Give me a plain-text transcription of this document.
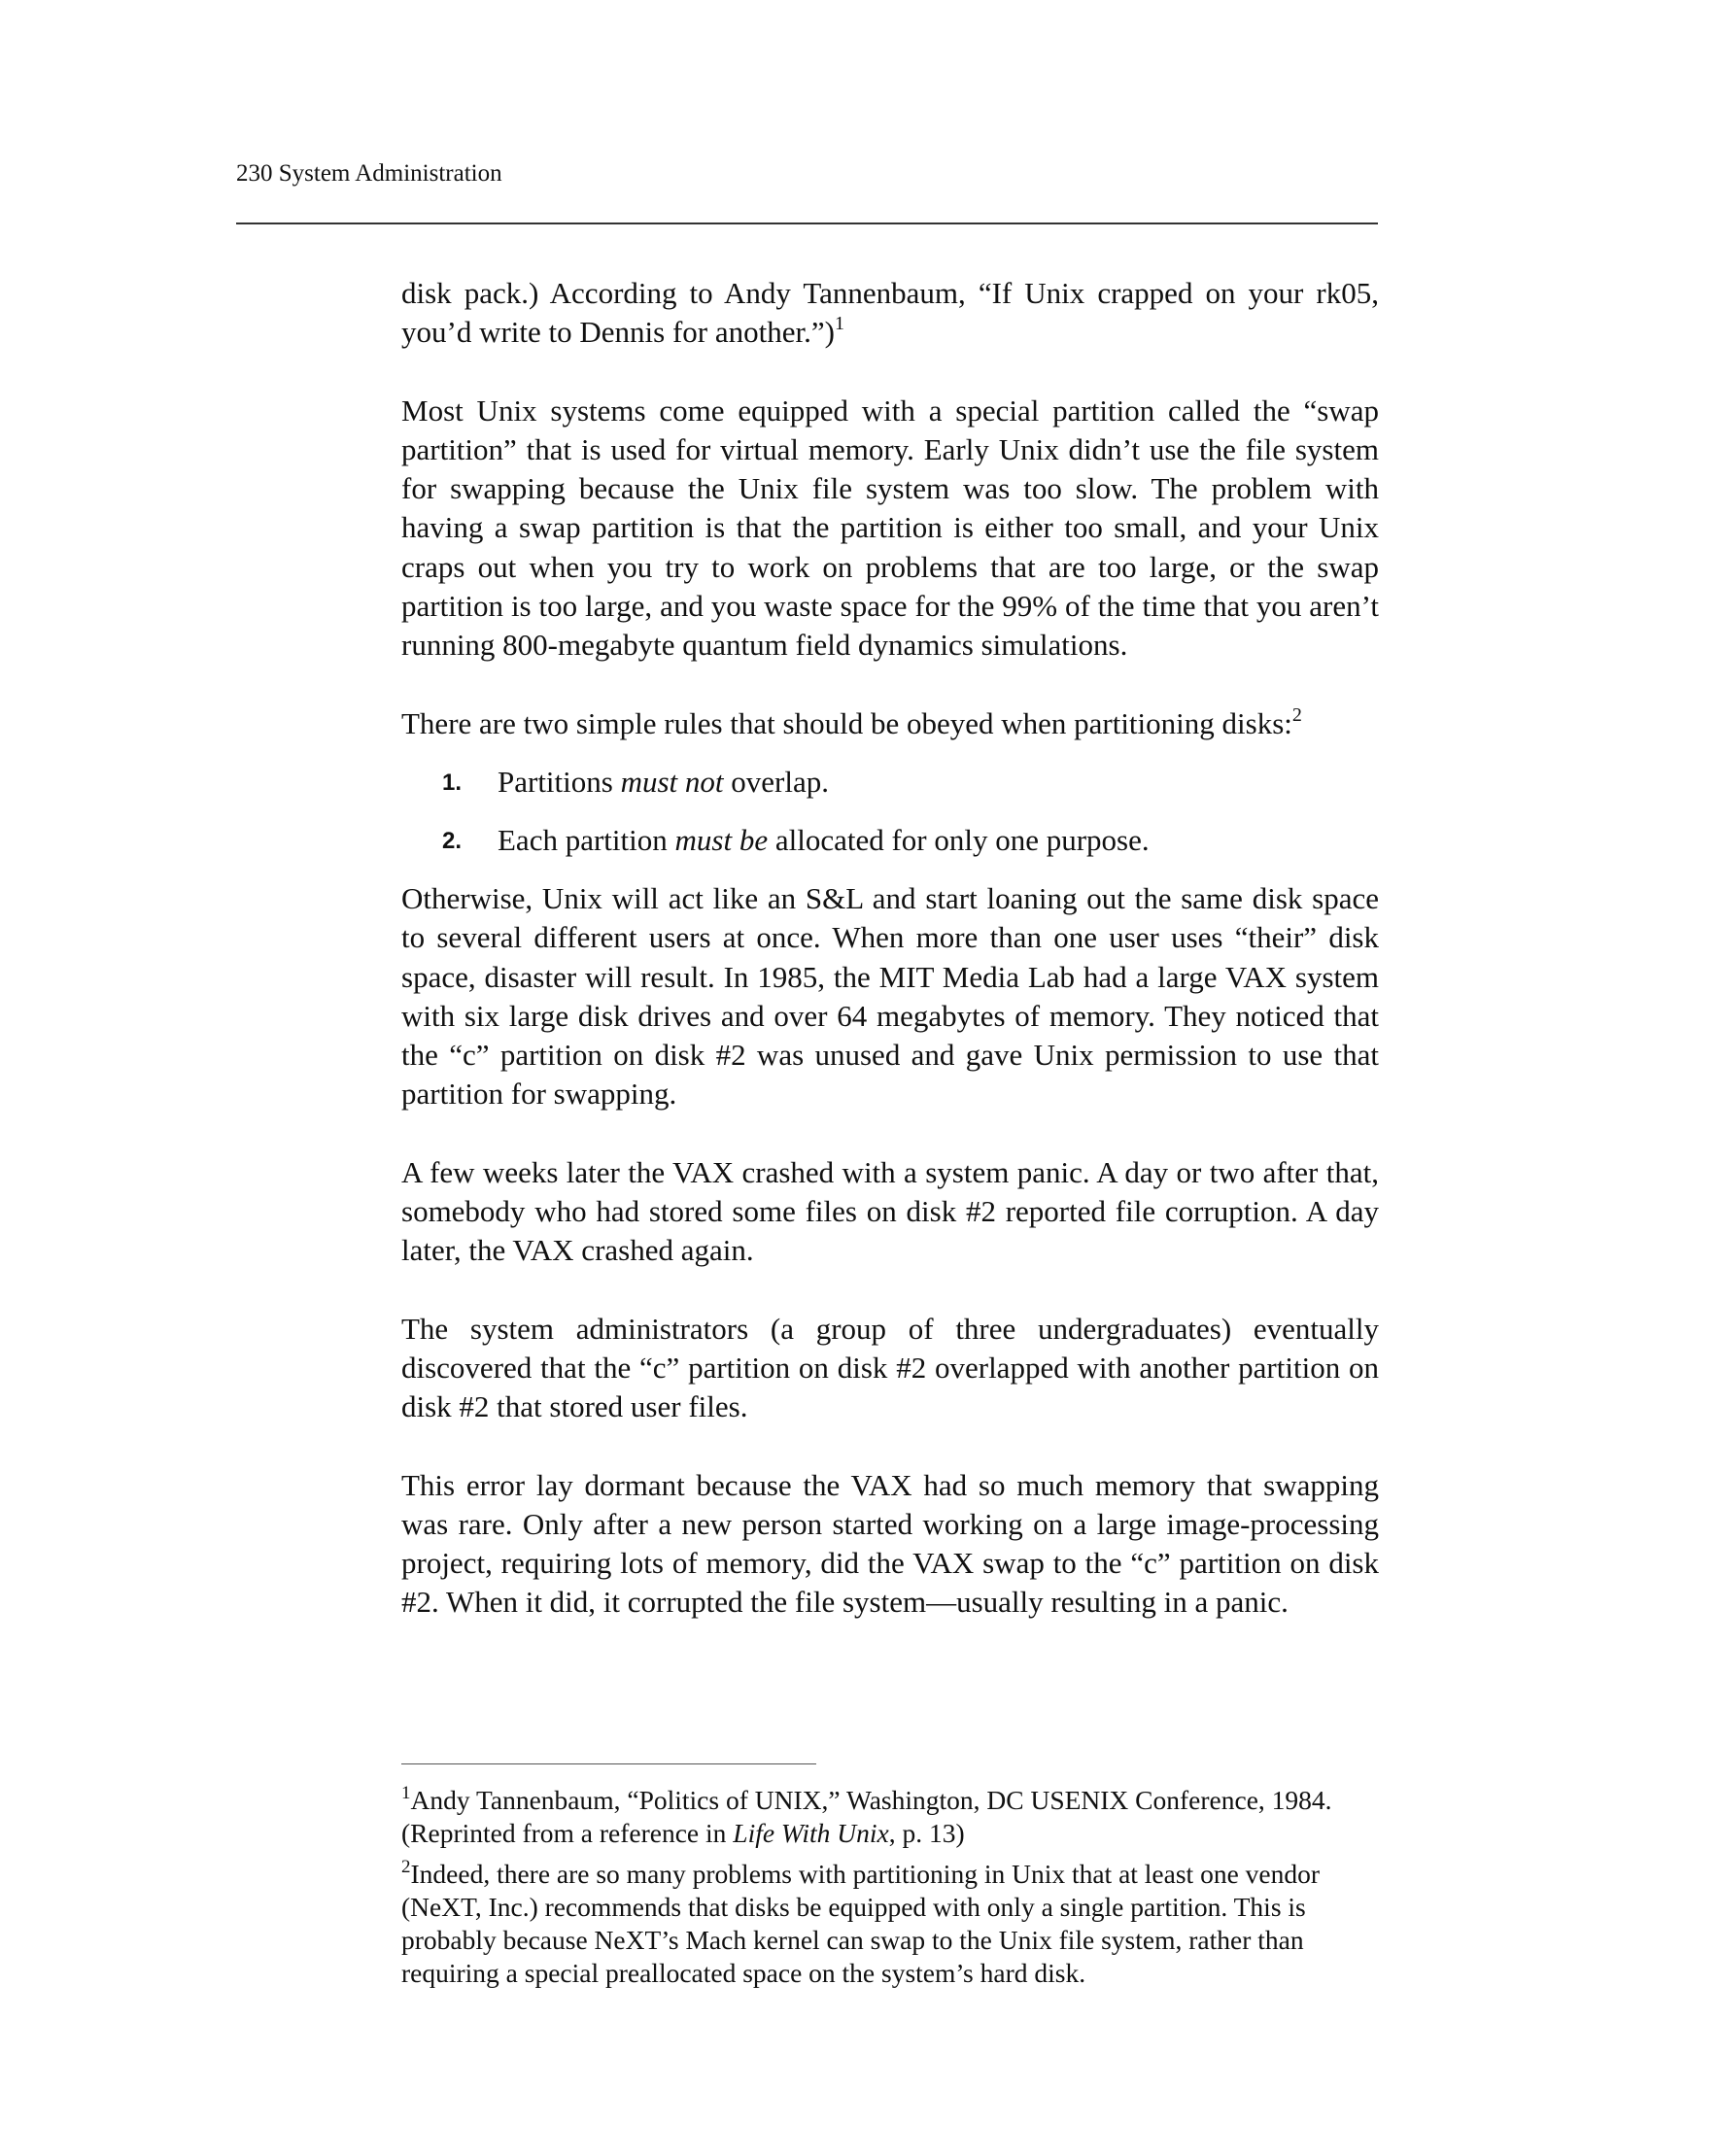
230 System Administration

disk pack.) According to Andy Tannenbaum, “If Unix crapped on your rk05, you’d write to Dennis for another.”)$^1$

Most Unix systems come equipped with a special partition called the “swap partition” that is used for virtual memory. Early Unix didn’t use the file system for swapping because the Unix file system was too slow. The problem with having a swap partition is that the partition is either too small, and your Unix craps out when you try to work on problems that are too large, or the swap partition is too large, and you waste space for the 99% of the time that you aren’t running 800-megabyte quantum field dynamics simulations.

There are two simple rules that should be obeyed when partitioning disks:$^2$

1. Partitions must not overlap.
2. Each partition must be allocated for only one purpose.

Otherwise, Unix will act like an S&L and start loaning out the same disk space to several different users at once. When more than one user uses “their” disk space, disaster will result. In 1985, the MIT Media Lab had a large VAX system with six large disk drives and over 64 megabytes of memory. They noticed that the “c” partition on disk #2 was unused and gave Unix permission to use that partition for swapping.

A few weeks later the VAX crashed with a system panic. A day or two after that, somebody who had stored some files on disk #2 reported file corruption. A day later, the VAX crashed again.

The system administrators (a group of three undergraduates) eventually discovered that the “c” partition on disk #2 overlapped with another partition on disk #2 that stored user files.

This error lay dormant because the VAX had so much memory that swapping was rare. Only after a new person started working on a large image-processing project, requiring lots of memory, did the VAX swap to the “c” partition on disk #2. When it did, it corrupted the file system—usually resulting in a panic.

$^1$Andy Tannenbaum, “Politics of UNIX,” Washington, DC USENIX Conference, 1984. (Reprinted from a reference in Life With Unix, p. 13)

$^2$Indeed, there are so many problems with partitioning in Unix that at least one vendor (NeXT, Inc.) recommends that disks be equipped with only a single partition. This is probably because NeXT’s Mach kernel can swap to the Unix file system, rather than requiring a special preallocated space on the system’s hard disk.
